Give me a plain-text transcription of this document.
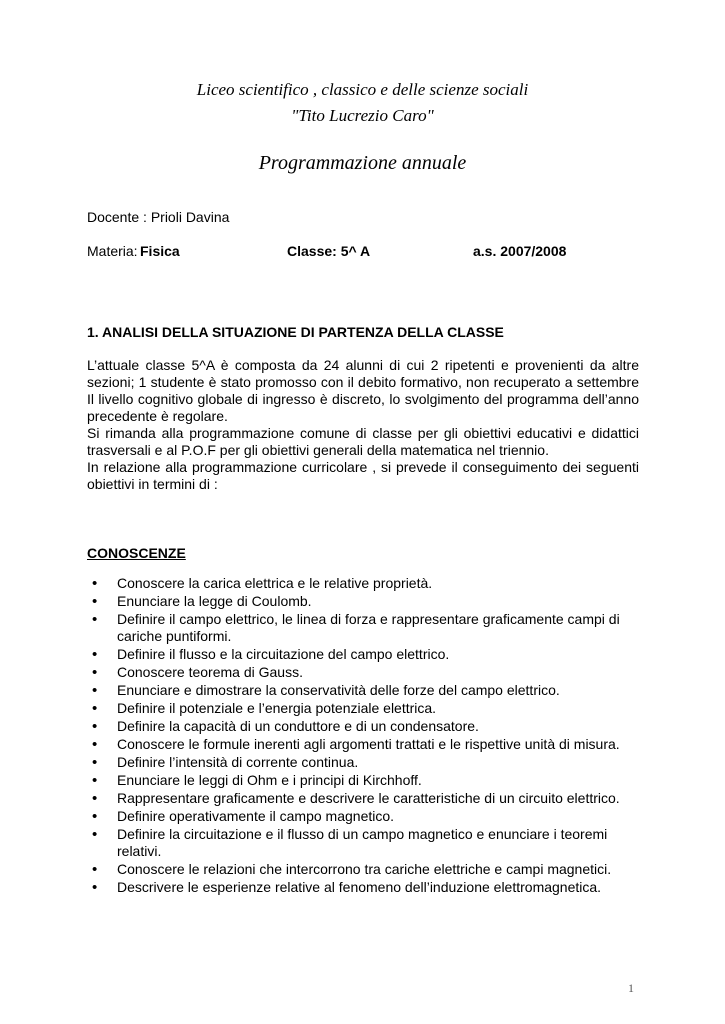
Liceo scientifico , classico e delle scienze sociali
"Tito Lucrezio Caro"
Programmazione annuale
Docente : Prioli Davina
Materia: Fisica	Classe: 5^ A	a.s. 2007/2008
1. ANALISI DELLA SITUAZIONE DI PARTENZA DELLA CLASSE

L’attuale classe 5^A è composta da 24 alunni di cui 2 ripetenti e provenienti da altre sezioni; 1 studente è stato promosso con il debito formativo, non recuperato a settembre Il livello cognitivo globale di ingresso è discreto, lo svolgimento del programma dell’anno precedente è regolare.

Si rimanda alla programmazione comune di classe per gli obiettivi educativi e didattici trasversali e al P.O.F per gli obiettivi generali della matematica nel triennio.

In relazione alla programmazione curricolare , si prevede il conseguimento dei seguenti obiettivi in termini di :

CONOSCENZE
• Conoscere la carica elettrica e le relative proprietà.
• Enunciare la legge di Coulomb.
• Definire il campo elettrico, le linea di forza e rappresentare graficamente campi di cariche puntiformi.
• Definire il flusso e la circuitazione del campo elettrico.
• Conoscere teorema di Gauss.
• Enunciare e dimostrare la conservatività delle forze del campo elettrico.
• Definire il potenziale e l’energia potenziale elettrica.
• Definire la capacità di un conduttore e di un condensatore.
• Conoscere le formule inerenti agli argomenti trattati e le rispettive unità di misura.
• Definire l’intensità di corrente continua.
• Enunciare le leggi di Ohm e i principi di Kirchhoff.
• Rappresentare graficamente e descrivere le caratteristiche di un circuito elettrico.
• Definire operativamente il campo magnetico.
• Definire la circuitazione e il flusso di un campo magnetico e enunciare i teoremi relativi.
• Conoscere le relazioni che intercorrono tra cariche elettriche e campi magnetici.
• Descrivere le esperienze relative al fenomeno dell’induzione elettromagnetica.
1
